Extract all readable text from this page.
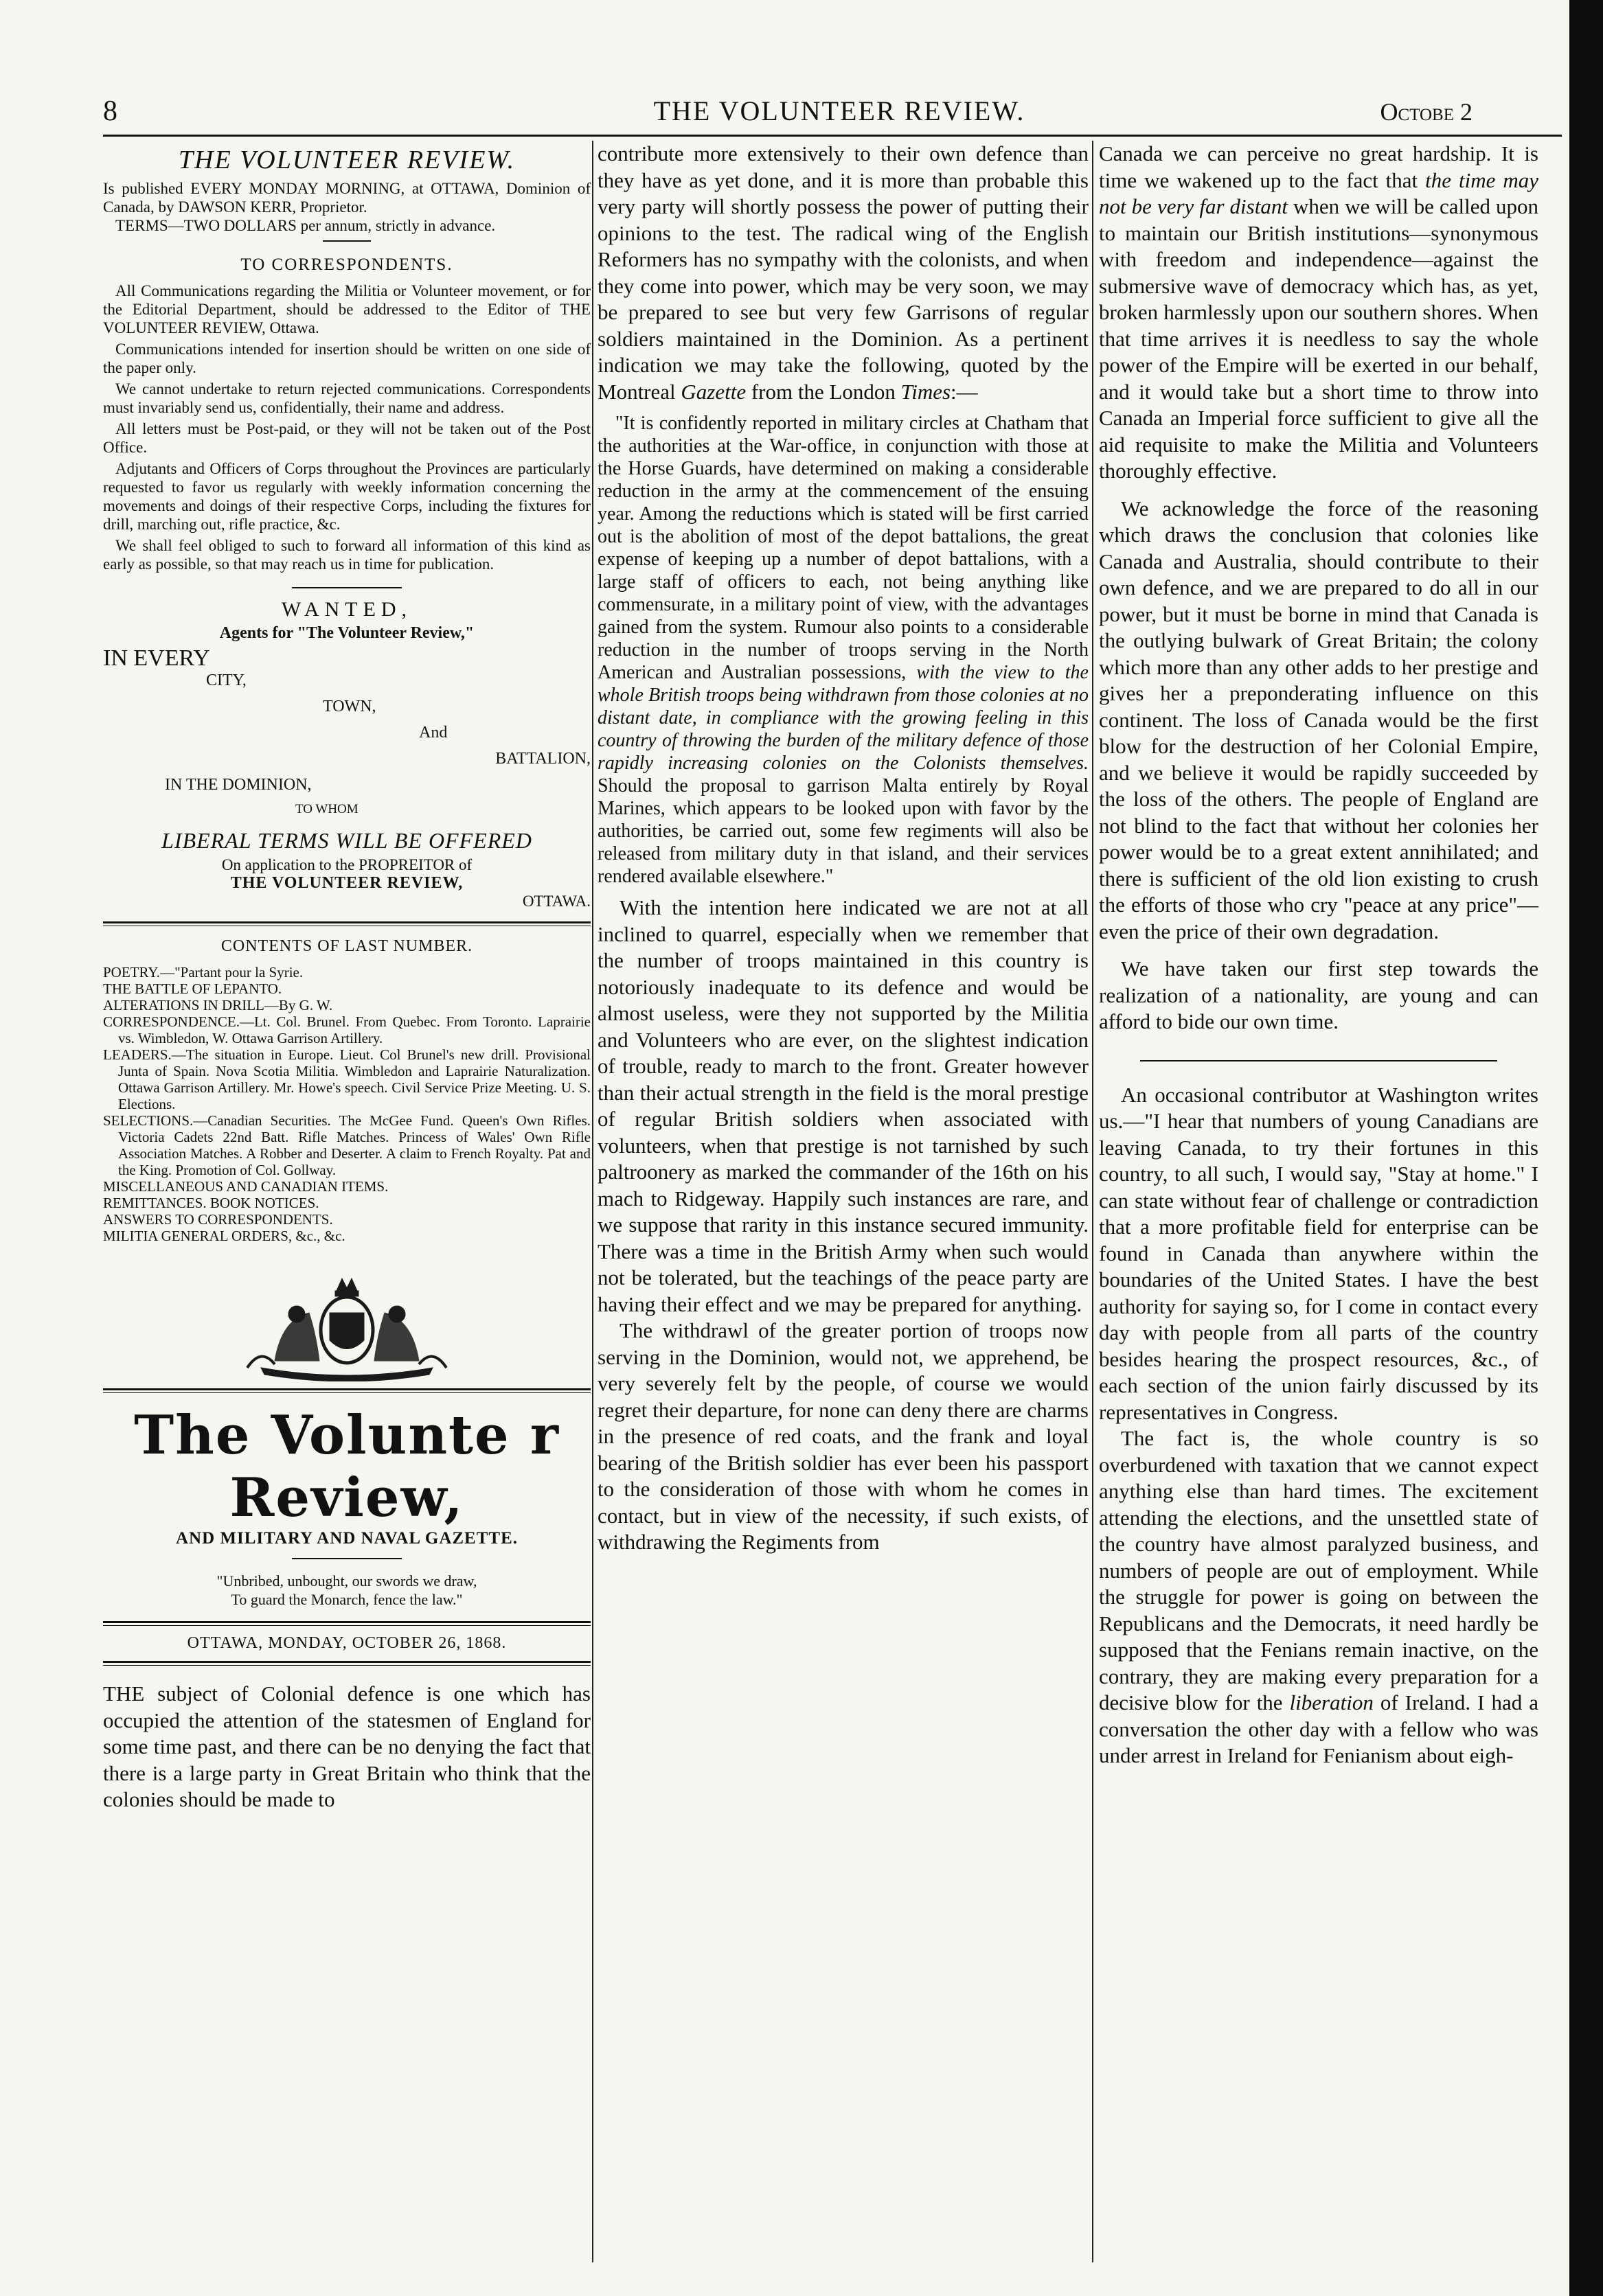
8	THE VOLUNTEER REVIEW.	Octobe 2
THE VOLUNTEER REVIEW.

Is published EVERY MONDAY MORNING, at OTTAWA, Dominion of Canada, by DAWSON KERR, Proprietor.

TERMS—TWO DOLLARS per annum, strictly in advance.

TO CORRESPONDENTS.

All Communications regarding the Militia or Volunteer movement, or for the Editorial Department, should be addressed to the Editor of THE VOLUNTEER REVIEW, Ottawa.

Communications intended for insertion should be written on one side of the paper only.

We cannot undertake to return rejected communications. Correspondents must invariably send us, confidentially, their name and address.

All letters must be Post-paid, or they will not be taken out of the Post Office.

Adjutants and Officers of Corps throughout the Provinces are particularly requested to favor us regularly with weekly information concerning the movements and doings of their respective Corps, including the fixtures for drill, marching out, rifle practice, &c.

We shall feel obliged to such to forward all information of this kind as early as possible, so that may reach us in time for publication.

WANTED,
Agents for "The Volunteer Review,"
IN EVERY
CITY,
TOWN,
And
BATTALION,
IN THE DOMINION,
TO WHOM
LIBERAL TERMS WILL BE OFFERED
On application to the PROPREITOR of
THE VOLUNTEER REVIEW,
OTTAWA.
CONTENTS OF LAST NUMBER.

POETRY.—"Partant pour la Syrie.

THE BATTLE OF LEPANTO.

ALTERATIONS IN DRILL—By G. W.

CORRESPONDENCE.—Lt. Col. Brunel. From Quebec. From Toronto. Laprairie vs. Wimbledon, W. Ottawa Garrison Artillery.

LEADERS.—The situation in Europe. Lieut. Col Brunel's new drill. Provisional Junta of Spain. Nova Scotia Militia. Wimbledon and Laprairie Naturalization. Ottawa Garrison Artillery. Mr. Howe's speech. Civil Service Prize Meeting. U. S. Elections.

SELECTIONS.—Canadian Securities. The McGee Fund. Queen's Own Rifles. Victoria Cadets 22nd Batt. Rifle Matches. Princess of Wales' Own Rifle Association Matches. A Robber and Deserter. A claim to French Royalty. Pat and the King. Promotion of Col. Gollway.

MISCELLANEOUS AND CANADIAN ITEMS.

REMITTANCES. BOOK NOTICES.

ANSWERS TO CORRESPONDENTS.

MILITIA GENERAL ORDERS, &c., &c.

The Volunte r Review,
AND MILITARY AND NAVAL GAZETTE.
"Unbribed, unbought, our swords we draw,
To guard the Monarch, fence the law."
OTTAWA, MONDAY, OCTOBER 26, 1868.

THE subject of Colonial defence is one which has occupied the attention of the statesmen of England for some time past, and there can be no denying the fact that there is a large party in Great Britain who think that the colonies should be made to

contribute more extensively to their own defence than they have as yet done, and it is more than probable this very party will shortly possess the power of putting their opinions to the test. The radical wing of the English Reformers has no sympathy with the colonists, and when they come into power, which may be very soon, we may be prepared to see but very few Garrisons of regular soldiers maintained in the Dominion. As a pertinent indication we may take the following, quoted by the Montreal Gazette from the London Times:—

"It is confidently reported in military circles at Chatham that the authorities at the War-office, in conjunction with those at the Horse Guards, have determined on making a considerable reduction in the army at the commencement of the ensuing year. Among the reductions which is stated will be first carried out is the abolition of most of the depot battalions, the great expense of keeping up a number of depot battalions, with a large staff of officers to each, not being anything like commensurate, in a military point of view, with the advantages gained from the system. Rumour also points to a considerable reduction in the number of troops serving in the North American and Australian possessions, with the view to the whole British troops being withdrawn from those colonies at no distant date, in compliance with the growing feeling in this country of throwing the burden of the military defence of those rapidly increasing colonies on the Colonists themselves. Should the proposal to garrison Malta entirely by Royal Marines, which appears to be looked upon with favor by the authorities, be carried out, some few regiments will also be released from military duty in that island, and their services rendered available elsewhere."

With the intention here indicated we are not at all inclined to quarrel, especially when we remember that the number of troops maintained in this country is notoriously inadequate to its defence and would be almost useless, were they not supported by the Militia and Volunteers who are ever, on the slightest indication of trouble, ready to march to the front. Greater however than their actual strength in the field is the moral prestige of regular British soldiers when associated with volunteers, when that prestige is not tarnished by such paltroonery as marked the commander of the 16th on his mach to Ridgeway. Happily such instances are rare, and we suppose that rarity in this instance secured immunity. There was a time in the British Army when such would not be tolerated, but the teachings of the peace party are having their effect and we may be prepared for anything.

The withdrawl of the greater portion of troops now serving in the Dominion, would not, we apprehend, be very severely felt by the people, of course we would regret their departure, for none can deny there are charms in the presence of red coats, and the frank and loyal bearing of the British soldier has ever been his passport to the consideration of those with whom he comes in contact, but in view of the necessity, if such exists, of withdrawing the Regiments from

Canada we can perceive no great hardship. It is time we wakened up to the fact that the time may not be very far distant when we will be called upon to maintain our British institutions—synonymous with freedom and independence—against the submersive wave of democracy which has, as yet, broken harmlessly upon our southern shores. When that time arrives it is needless to say the whole power of the Empire will be exerted in our behalf, and it would take but a short time to throw into Canada an Imperial force sufficient to give all the aid requisite to make the Militia and Volunteers thoroughly effective.

We acknowledge the force of the reasoning which draws the conclusion that colonies like Canada and Australia, should contribute to their own defence, and we are prepared to do all in our power, but it must be borne in mind that Canada is the outlying bulwark of Great Britain; the colony which more than any other adds to her prestige and gives her a preponderating influence on this continent. The loss of Canada would be the first blow for the destruction of her Colonial Empire, and we believe it would be rapidly succeeded by the loss of the others. The people of England are not blind to the fact that without her colonies her power would be to a great extent annihilated; and there is sufficient of the old lion existing to crush the efforts of those who cry "peace at any price"—even the price of their own degradation.

We have taken our first step towards the realization of a nationality, are young and can afford to bide our own time.

An occasional contributor at Washington writes us.—"I hear that numbers of young Canadians are leaving Canada, to try their fortunes in this country, to all such, I would say, "Stay at home." I can state without fear of challenge or contradiction that a more profitable field for enterprise can be found in Canada than anywhere within the boundaries of the United States. I have the best authority for saying so, for I come in contact every day with people from all parts of the country besides hearing the prospect resources, &c., of each section of the union fairly discussed by its representatives in Congress.

The fact is, the whole country is so overburdened with taxation that we cannot expect anything else than hard times. The excitement attending the elections, and the unsettled state of the country have almost paralyzed business, and numbers of people are out of employment. While the struggle for power is going on between the Republicans and the Democrats, it need hardly be supposed that the Fenians remain inactive, on the contrary, they are making every preparation for a decisive blow for the liberation of Ireland. I had a conversation the other day with a fellow who was under arrest in Ireland for Fenianism about eigh-
